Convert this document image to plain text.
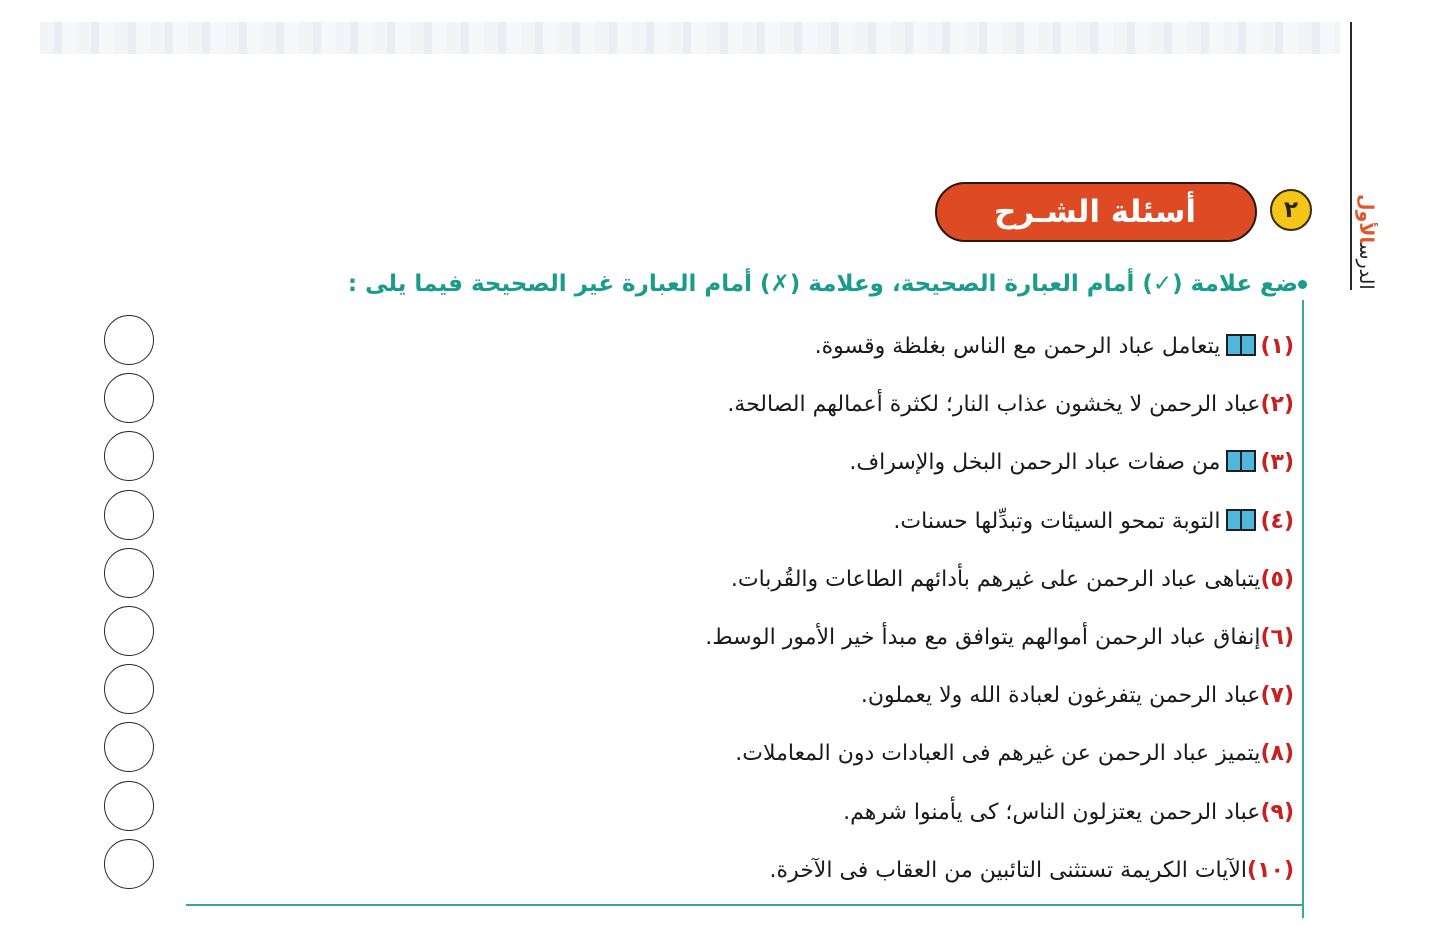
الدرسالأول
أسئلة الشـرح	٢
ضع علامة (✓) أمام العبارة الصحيحة، وعلامة (✗) أمام العبارة غير الصحيحة فيما يلى :
(١)يتعامل عباد الرحمن مع الناس بغلظة وقسوة.
(٢)عباد الرحمن لا يخشون عذاب النار؛ لكثرة أعمالهم الصالحة.
(٣)من صفات عباد الرحمن البخل والإسراف.
(٤)التوبة تمحو السيئات وتبدِّلها حسنات.
(٥)يتباهى عباد الرحمن على غيرهم بأدائهم الطاعات والقُربات.
(٦)إنفاق عباد الرحمن أموالهم يتوافق مع مبدأ خير الأمور الوسط.
(٧)عباد الرحمن يتفرغون لعبادة الله ولا يعملون.
(٨)يتميز عباد الرحمن عن غيرهم فى العبادات دون المعاملات.
(٩)عباد الرحمن يعتزلون الناس؛ كى يأمنوا شرهم.
(١٠)الآيات الكريمة تستثنى التائبين من العقاب فى الآخرة.
